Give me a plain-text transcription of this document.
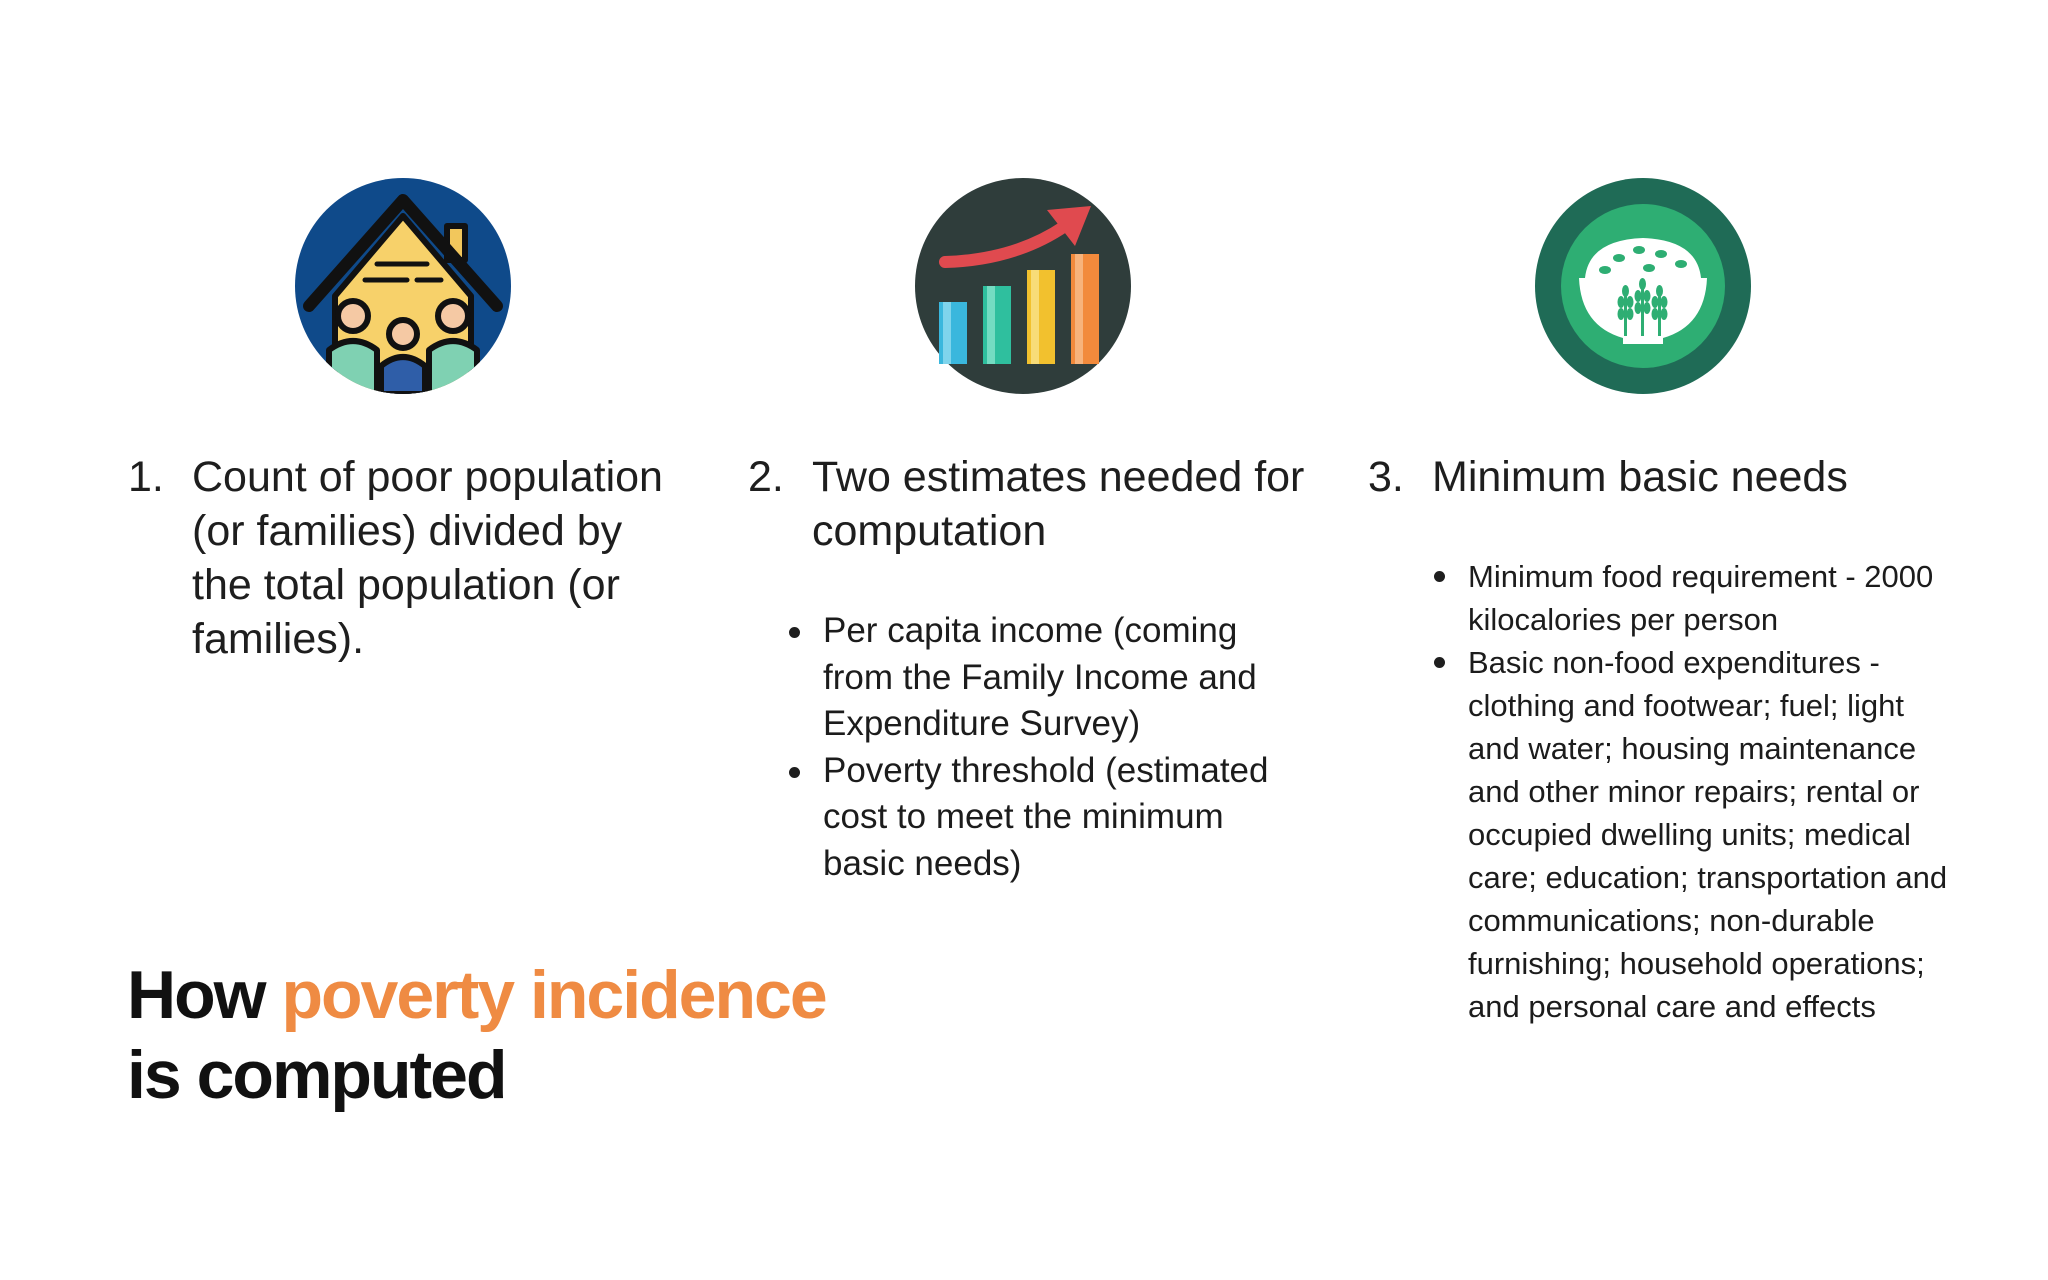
1. Count of poor population (or families) divided by the total population (or families).
2. Two estimates needed for computation
Per capita income (coming from the Family Income and Expenditure Survey)
Poverty threshold (estimated cost to meet the minimum basic needs)
3. Minimum basic needs
Minimum food requirement - 2000 kilocalories per person
Basic non-food expenditures - clothing and footwear; fuel; light and water; housing maintenance and other minor repairs; rental or occupied dwelling units; medical care; education; transportation and communications; non-durable furnishing; household operations; and personal care and effects
How poverty incidence
is computed
